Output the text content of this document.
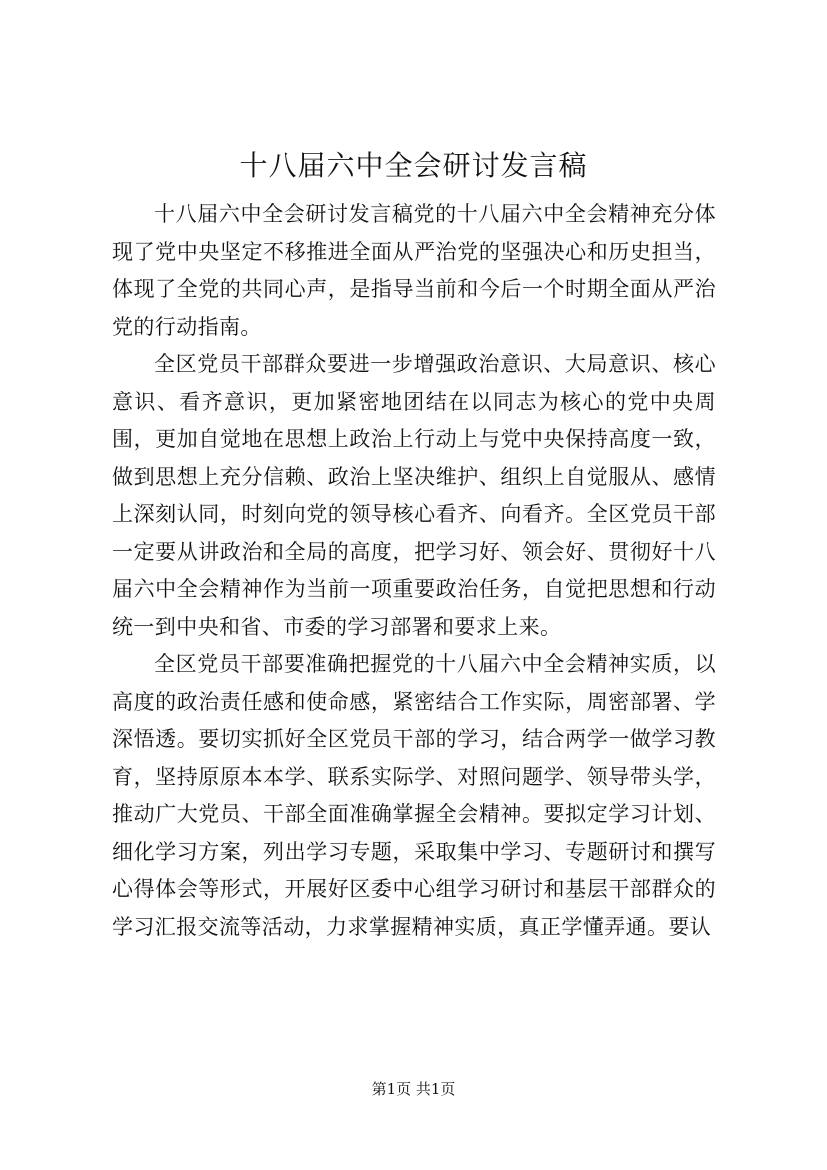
十八届六中全会研讨发言稿

十八届六中全会研讨发言稿党的十八届六中全会精神充分体现了党中央坚定不移推进全面从严治党的坚强决心和历史担当，体现了全党的共同心声，是指导当前和今后一个时期全面从严治党的行动指南。

全区党员干部群众要进一步增强政治意识、大局意识、核心意识、看齐意识，更加紧密地团结在以同志为核心的党中央周围，更加自觉地在思想上政治上行动上与党中央保持高度一致，做到思想上充分信赖、政治上坚决维护、组织上自觉服从、感情上深刻认同，时刻向党的领导核心看齐、向看齐。全区党员干部一定要从讲政治和全局的高度，把学习好、领会好、贯彻好十八届六中全会精神作为当前一项重要政治任务，自觉把思想和行动统一到中央和省、市委的学习部署和要求上来。

全区党员干部要准确把握党的十八届六中全会精神实质，以高度的政治责任感和使命感，紧密结合工作实际，周密部署、学深悟透。要切实抓好全区党员干部的学习，结合两学一做学习教育，坚持原原本本学、联系实际学、对照问题学、领导带头学，推动广大党员、干部全面准确掌握全会精神。要拟定学习计划、细化学习方案，列出学习专题，采取集中学习、专题研讨和撰写心得体会等形式，开展好区委中心组学习研讨和基层干部群众的学习汇报交流等活动，力求掌握精神实质，真正学懂弄通。要认

第1页 共1页
